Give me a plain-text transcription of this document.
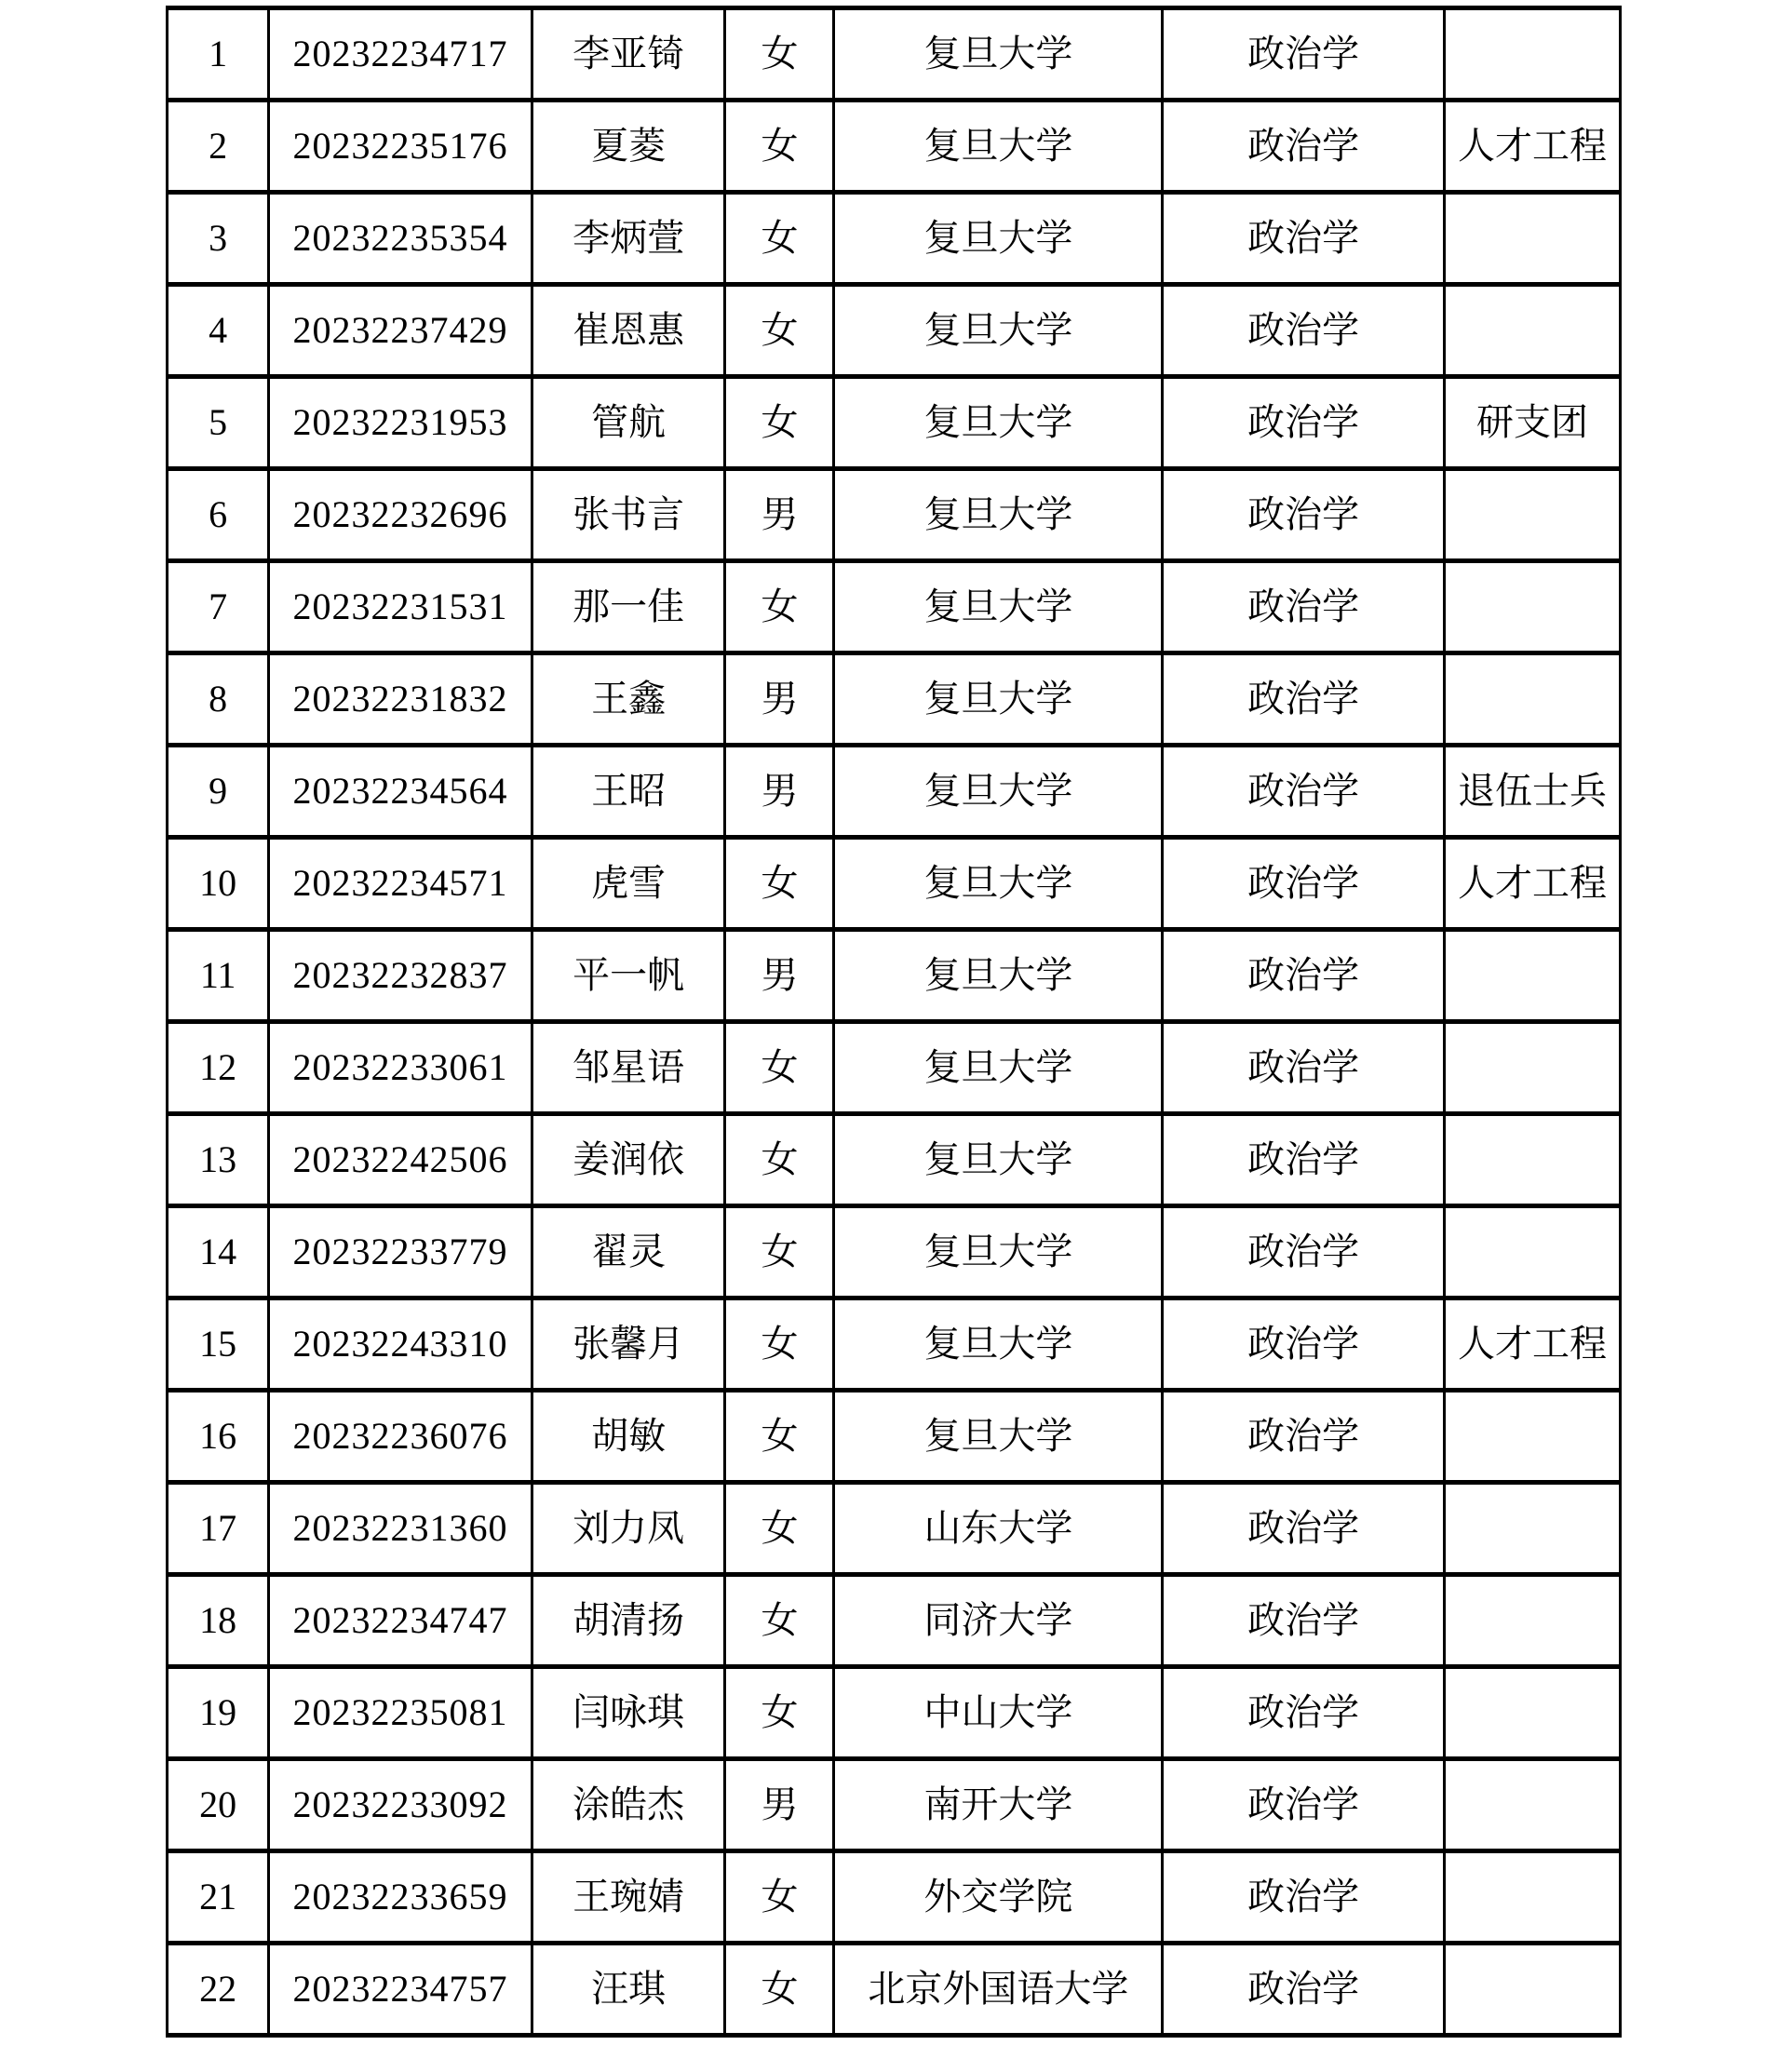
1	20232234717	李亚锜	女	复旦大学	政治学	
2	20232235176	夏菱	女	复旦大学	政治学	人才工程
3	20232235354	李炳萱	女	复旦大学	政治学	
4	20232237429	崔恩惠	女	复旦大学	政治学	
5	20232231953	管航	女	复旦大学	政治学	研支团
6	20232232696	张书言	男	复旦大学	政治学	
7	20232231531	那一佳	女	复旦大学	政治学	
8	20232231832	王鑫	男	复旦大学	政治学	
9	20232234564	王昭	男	复旦大学	政治学	退伍士兵
10	20232234571	虎雪	女	复旦大学	政治学	人才工程
11	20232232837	平一帆	男	复旦大学	政治学	
12	20232233061	邹星语	女	复旦大学	政治学	
13	20232242506	姜润依	女	复旦大学	政治学	
14	20232233779	翟灵	女	复旦大学	政治学	
15	20232243310	张馨月	女	复旦大学	政治学	人才工程
16	20232236076	胡敏	女	复旦大学	政治学	
17	20232231360	刘力凤	女	山东大学	政治学	
18	20232234747	胡清扬	女	同济大学	政治学	
19	20232235081	闫咏琪	女	中山大学	政治学	
20	20232233092	涂皓杰	男	南开大学	政治学	
21	20232233659	王琬婧	女	外交学院	政治学	
22	20232234757	汪琪	女	北京外国语大学	政治学	
